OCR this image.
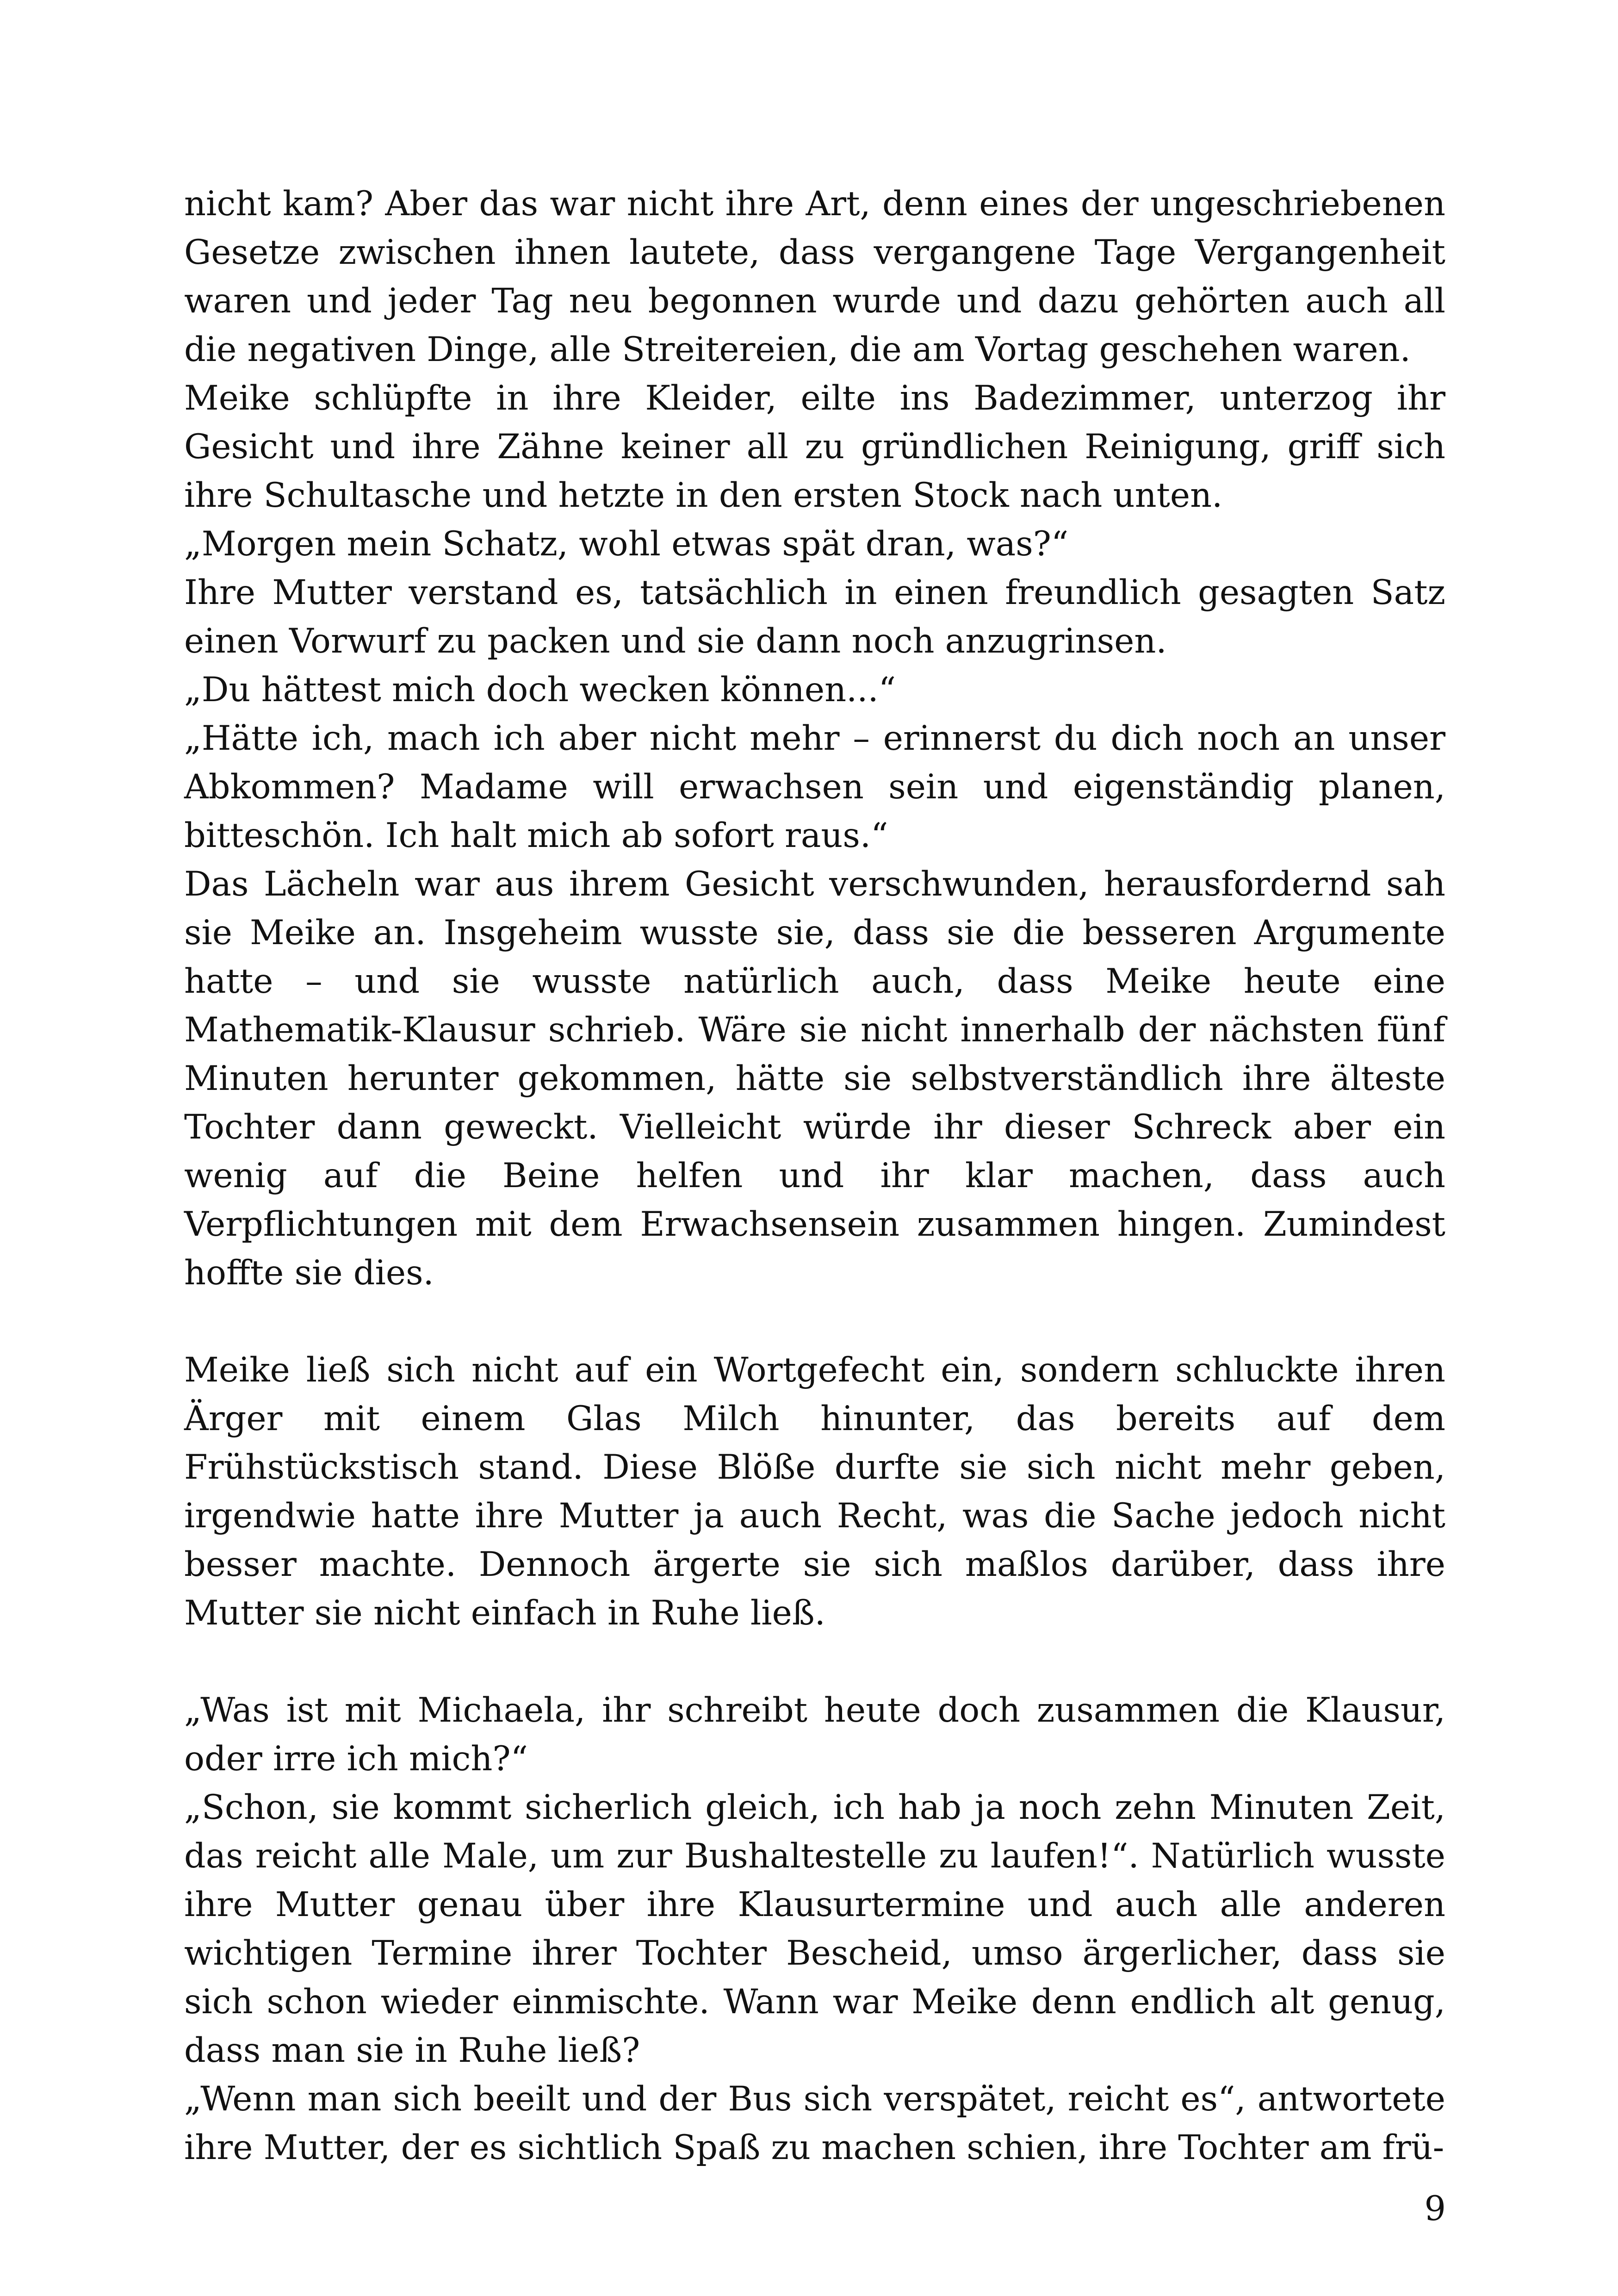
nicht kam? Aber das war nicht ihre Art, denn eines der ungeschriebenen Gesetze zwischen ihnen lautete, dass vergangene Tage Vergangenheit waren und jeder Tag neu begonnen wurde und dazu gehörten auch all die negativen Dinge, alle Streitereien, die am Vortag geschehen waren.

Meike schlüpfte in ihre Kleider, eilte ins Badezimmer, unterzog ihr Gesicht und ihre Zähne keiner all zu gründlichen Reinigung, griff sich ihre Schultasche und hetzte in den ersten Stock nach unten.

„Morgen mein Schatz, wohl etwas spät dran, was?“

Ihre Mutter verstand es, tatsächlich in einen freundlich gesagten Satz einen Vorwurf zu packen und sie dann noch anzugrinsen.

„Du hättest mich doch wecken können...“

„Hätte ich, mach ich aber nicht mehr – erinnerst du dich noch an unser Abkommen? Madame will erwachsen sein und eigenständig planen, bitteschön. Ich halt mich ab sofort raus.“

Das Lächeln war aus ihrem Gesicht verschwunden, herausfordernd sah sie Meike an. Insgeheim wusste sie, dass sie die besseren Argumente hatte – und sie wusste natürlich auch, dass Meike heute eine Mathematik-Klausur schrieb. Wäre sie nicht innerhalb der nächsten fünf Minuten herunter gekommen, hätte sie selbstverständlich ihre älteste Tochter dann geweckt. Vielleicht würde ihr dieser Schreck aber ein wenig auf die Beine helfen und ihr klar machen, dass auch Verpflichtungen mit dem Erwachsensein zusammen hingen. Zumindest hoffte sie dies.

Meike ließ sich nicht auf ein Wortgefecht ein, sondern schluckte ihren Ärger mit einem Glas Milch hinunter, das bereits auf dem Frühstückstisch stand. Diese Blöße durfte sie sich nicht mehr geben, irgendwie hatte ihre Mutter ja auch Recht, was die Sache jedoch nicht besser machte. Dennoch ärgerte sie sich maßlos darüber, dass ihre Mutter sie nicht einfach in Ruhe ließ.

„Was ist mit Michaela, ihr schreibt heute doch zusammen die Klausur, oder irre ich mich?“

„Schon, sie kommt sicherlich gleich, ich hab ja noch zehn Minuten Zeit, das reicht alle Male, um zur Bushaltestelle zu laufen!“. Natürlich wusste ihre Mutter genau über ihre Klausurtermine und auch alle anderen wichtigen Termine ihrer Tochter Bescheid, umso ärgerlicher, dass sie sich schon wieder einmischte. Wann war Meike denn endlich alt genug, dass man sie in Ruhe ließ?

„Wenn man sich beeilt und der Bus sich verspätet, reicht es“, antwortete ihre Mutter, der es sichtlich Spaß zu machen schien, ihre Tochter am frü-

9
